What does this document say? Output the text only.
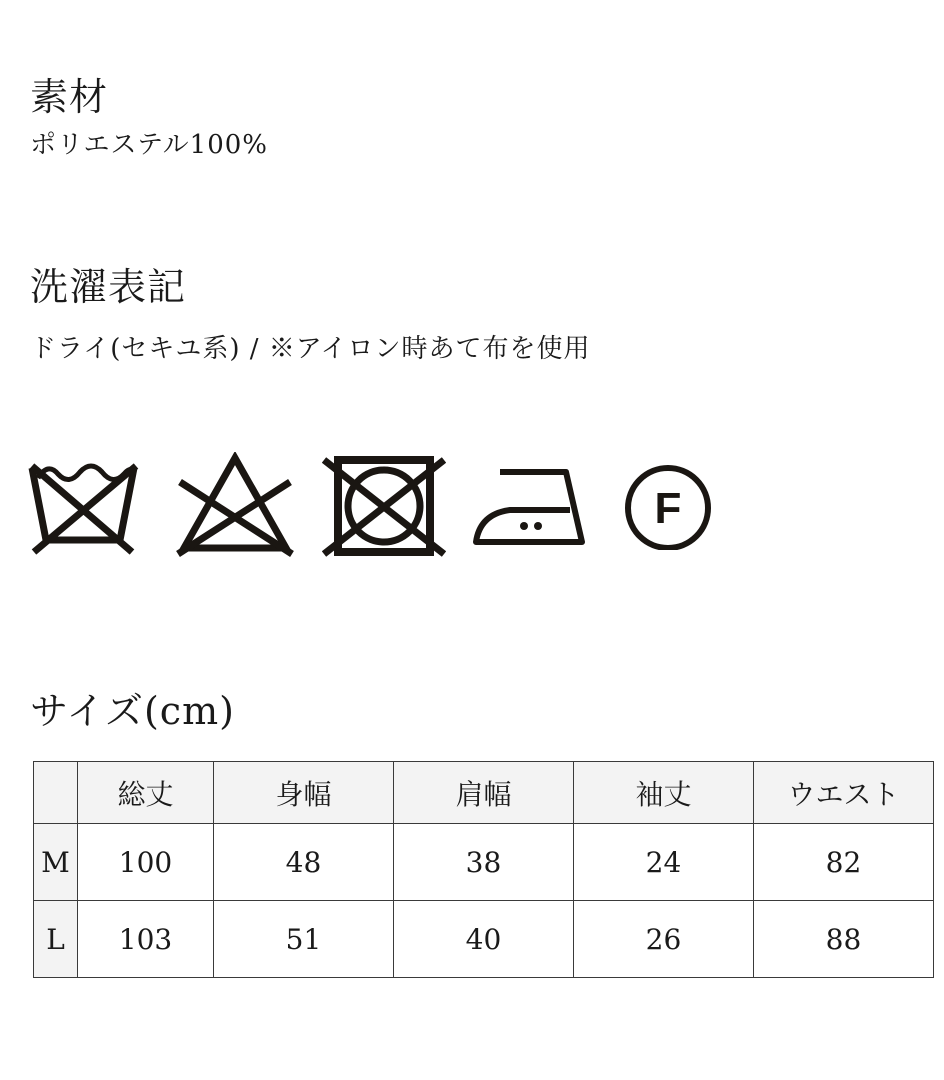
素材

ポリエステル100%

洗濯表記

ドライ(セキユ系) / ※アイロン時あて布を使用

F
サイズ(cm)
	総丈	身幅	肩幅	袖丈	ウエスト
M	100	48	38	24	82
L	103	51	40	26	88
